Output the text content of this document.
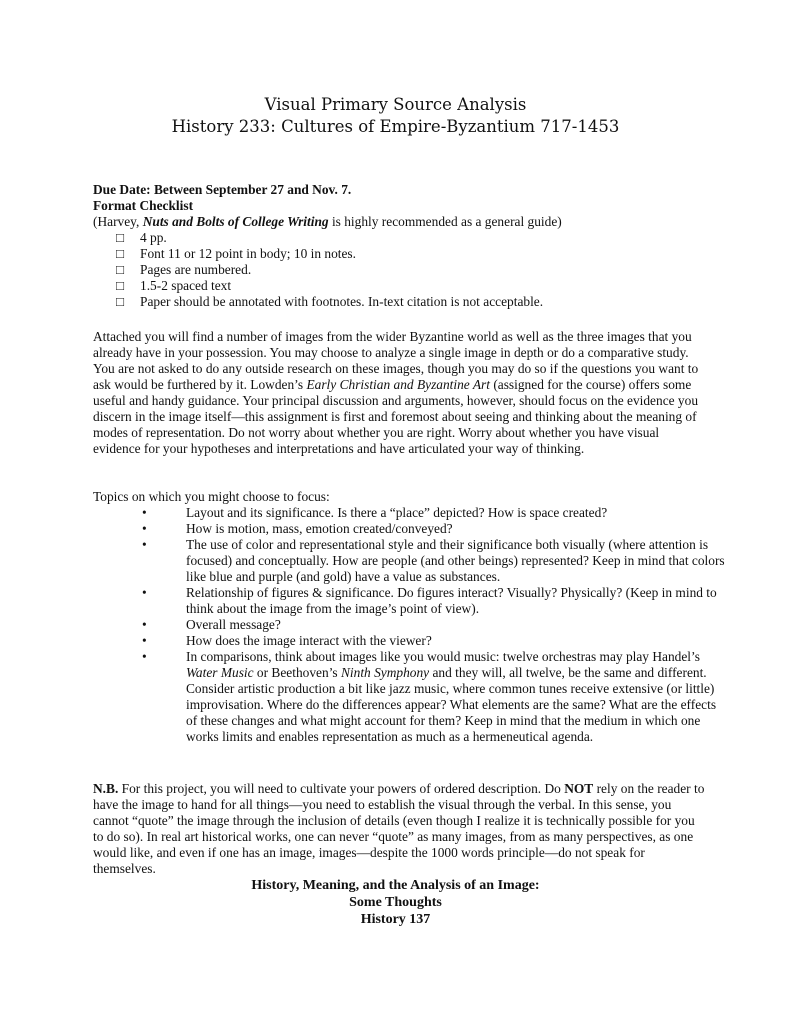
Visual Primary Source Analysis
History 233: Cultures of Empire-Byzantium 717-1453
Due Date: Between September 27 and Nov. 7.
Format Checklist
(Harvey, Nuts and Bolts of College Writing is highly recommended as a general guide)
□ 4 pp.
□ Font 11 or 12 point in body; 10 in notes.
□ Pages are numbered.
□ 1.5-2 spaced text
□ Paper should be annotated with footnotes. In-text citation is not acceptable.
Attached you will find a number of images from the wider Byzantine world as well as the three images that you already have in your possession. You may choose to analyze a single image in depth or do a comparative study. You are not asked to do any outside research on these images, though you may do so if the questions you want to ask would be furthered by it. Lowden’s Early Christian and Byzantine Art (assigned for the course) offers some useful and handy guidance. Your principal discussion and arguments, however, should focus on the evidence you discern in the image itself—this assignment is first and foremost about seeing and thinking about the meaning of modes of representation. Do not worry about whether you are right. Worry about whether you have visual evidence for your hypotheses and interpretations and have articulated your way of thinking.
Topics on which you might choose to focus:
•	Layout and its significance. Is there a “place” depicted? How is space created?
•	How is motion, mass, emotion created/conveyed?
•	The use of color and representational style and their significance both visually (where attention is focused) and conceptually. How are people (and other beings) represented? Keep in mind that colors like blue and purple (and gold) have a value as substances.
•	Relationship of figures & significance. Do figures interact? Visually? Physically? (Keep in mind to think about the image from the image’s point of view).
•	Overall message?
•	How does the image interact with the viewer?
•	In comparisons, think about images like you would music: twelve orchestras may play Handel’s Water Music or Beethoven’s Ninth Symphony and they will, all twelve, be the same and different. Consider artistic production a bit like jazz music, where common tunes receive extensive (or little) improvisation. Where do the differences appear? What elements are the same? What are the effects of these changes and what might account for them? Keep in mind that the medium in which one works limits and enables representation as much as a hermeneutical agenda.
N.B. For this project, you will need to cultivate your powers of ordered description. Do NOT rely on the reader to have the image to hand for all things—you need to establish the visual through the verbal. In this sense, you cannot “quote” the image through the inclusion of details (even though I realize it is technically possible for you to do so). In real art historical works, one can never “quote” as many images, from as many perspectives, as one would like, and even if one has an image, images—despite the 1000 words principle—do not speak for themselves.
History, Meaning, and the Analysis of an Image:
Some Thoughts
History 137
